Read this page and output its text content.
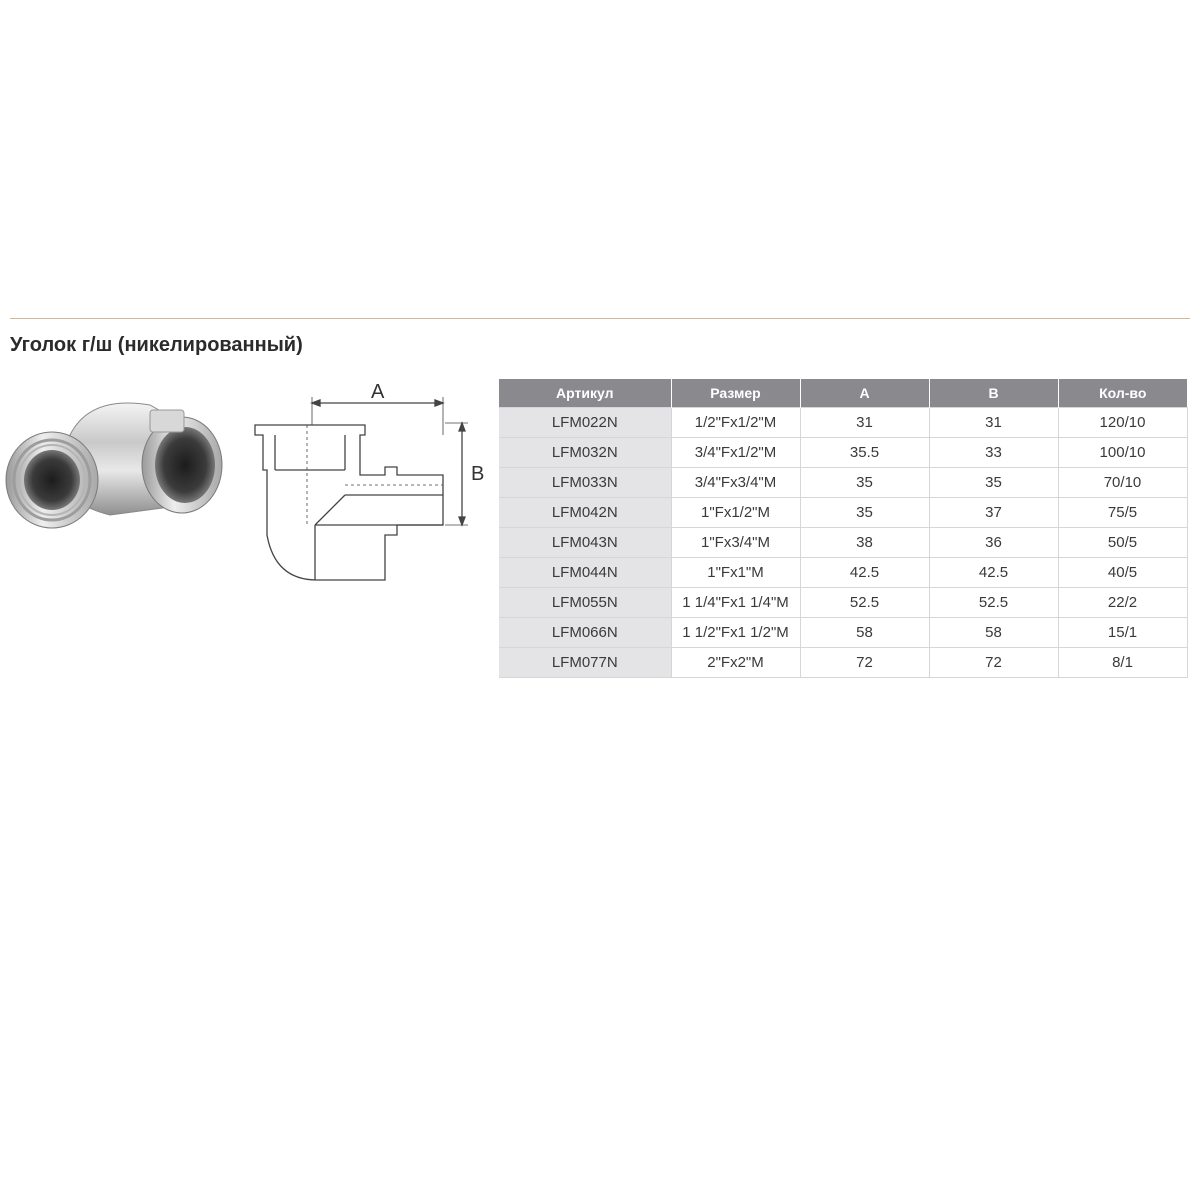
Уголок г/ш (никелированный)
A
B
Артикул	Размер	A	B	Кол-во
LFM022N	1/2"Fx1/2"M	31	31	120/10
LFM032N	3/4"Fx1/2"M	35.5	33	100/10
LFM033N	3/4"Fx3/4"M	35	35	70/10
LFM042N	1"Fx1/2"M	35	37	75/5
LFM043N	1"Fx3/4"M	38	36	50/5
LFM044N	1"Fx1"M	42.5	42.5	40/5
LFM055N	1 1/4"Fx1 1/4"M	52.5	52.5	22/2
LFM066N	1 1/2"Fx1 1/2"M	58	58	15/1
LFM077N	2"Fx2"M	72	72	8/1
